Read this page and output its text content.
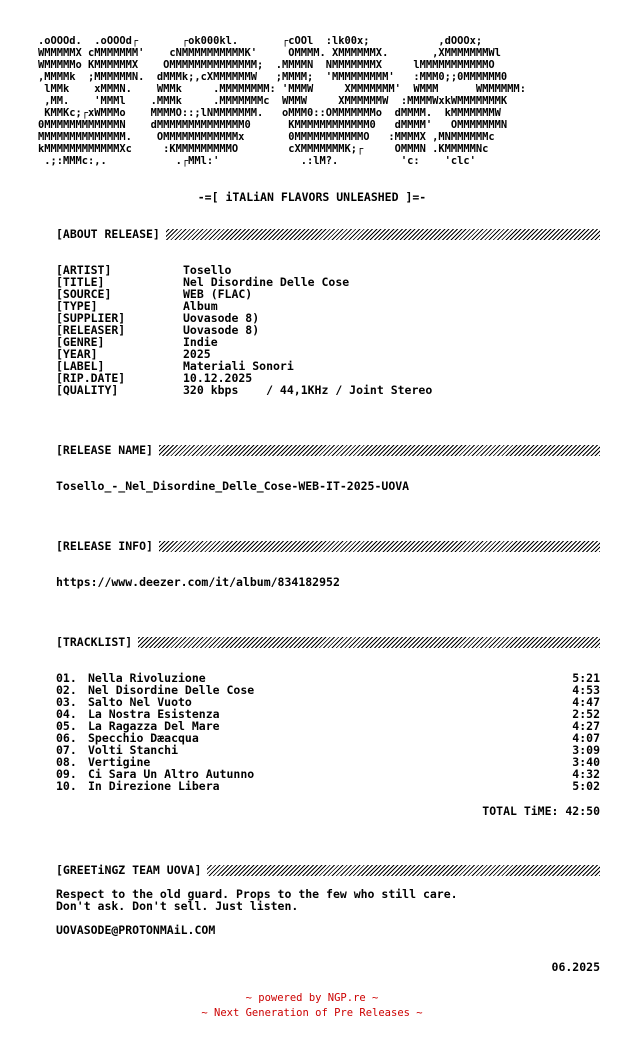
.oOOOd.  .oOOOd┌       ┌ok000kl.       ┌cOOl  :lk00x;           ,dOOOx;
WMMMMMX cMMMMMMM'    cNMMMMMMMMMMK'     OMMMM. XMMMMMMX.       ,XMMMMMMMWl
WMMMMMo KMMMMMMX    OMMMMMMMMMMMMMM;  .MMMMN  NMMMMMMMX     lMMMMMMMMMMMO
,MMMMk  ;MMMMMMN.  dMMMk;,cXMMMMMMW   ;MMMM;  'MMMMMMMMM'   :MMM0;;0MMMMMM0
lMMk    xMMMN.    WMMk     .MMMMMMMM: 'MMMW     XMMMMMMM'  WMMM      WMMMMMM:
,MM.    'MMMl    .MMMk     .MMMMMMMc  WMMW     XMMMMMMW  :MMMMWxkWMMMMMMMK
KMMKc;┌xWMMMo    MMMMO::;lNMMMMMMM.   oMMM0::OMMMMMMMo  dMMMM.  kMMMMMMMW
0MMMMMMMMMMMMN    dMMMMMMMMMMMMMM0      KMMMMMMMMMMMM0   dMMMM'   OMMMMMMMN
MMMMMMMMMMMMMM.    OMMMMMMMMMMMMx       0MMMMMMMMMMMO   :MMMMX ,MNMMMMMMc
kMMMMMMMMMMMMXc     :KMMMMMMMMMO        cXMMMMMMMK;┌     OMMMN .KMMMMMNc
.;:MMMc:,.           .┌MMl:'             .:lM?.          'c:    'clc'
-=[ iTALiAN FLAVORS UNLEASHED ]=-
[ABOUT RELEASE]
[ARTIST]	Tosello
[TITLE]	Nel Disordine Delle Cose
[SOURCE]	WEB (FLAC)
[TYPE]	Album
[SUPPLIER]	Uovasode 8)
[RELEASER]	Uovasode 8)
[GENRE]	Indie
[YEAR]	2025
[LABEL]	Materiali Sonori
[RIP.DATE]	10.12.2025
[QUALITY]	320 kbps    / 44,1KHz / Joint Stereo
[RELEASE NAME]
Tosello_-_Nel_Disordine_Delle_Cose-WEB-IT-2025-UOVA
[RELEASE INFO]
https://www.deezer.com/it/album/834182952
[TRACKLIST]
01. Nella Rivoluzione	5:21
02. Nel Disordine Delle Cose	4:53
03. Salto Nel Vuoto	4:47
04. La Nostra Esistenza	2:52
05. La Ragazza Del Mare	4:27
06. Specchio Dæacqua	4:07
07. Volti Stanchi	3:09
08. Vertigine	3:40
09. Ci Sarа Un Altro Autunno	4:32
10. In Direzione Libera	5:02
TOTAL TiME: 42:50
[GREETiNGZ TEAM UOVA]
Respect to the old guard. Props to the few who still care.
Don't ask. Don't sell. Just listen.
UOVASODE@PROTONMAiL.COM
06.2025
~ powered by NGP.re ~
~ Next Generation of Pre Releases ~
